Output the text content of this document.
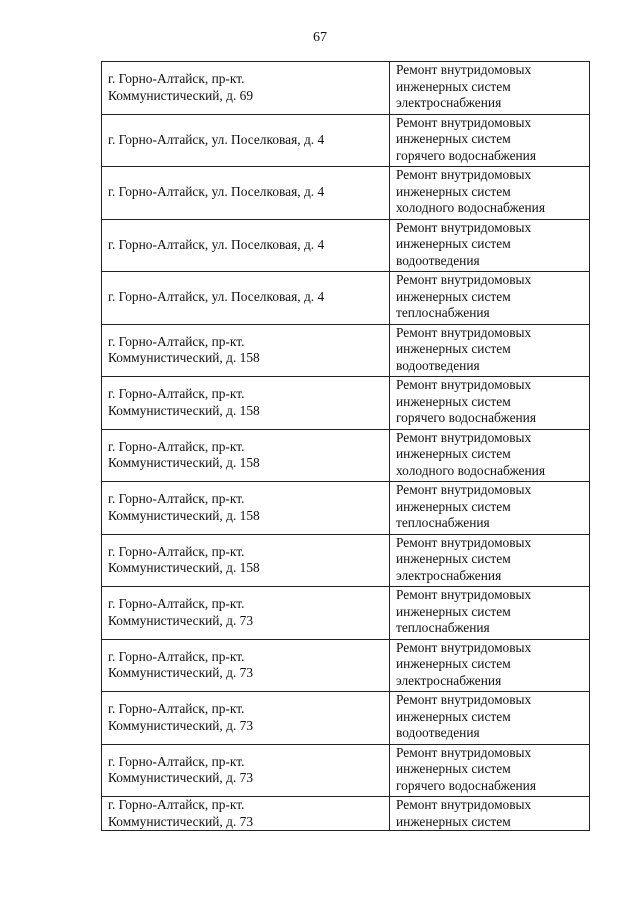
67
г. Горно-Алтайск, пр-кт.
Коммунистический, д. 69	Ремонт внутридомовых
инженерных систем
электроснабжения

г. Горно-Алтайск, ул. Поселковая, д. 4	Ремонт внутридомовых
инженерных систем
горячего водоснабжения

г. Горно-Алтайск, ул. Поселковая, д. 4	Ремонт внутридомовых
инженерных систем
холодного водоснабжения

г. Горно-Алтайск, ул. Поселковая, д. 4	Ремонт внутридомовых
инженерных систем
водоотведения

г. Горно-Алтайск, ул. Поселковая, д. 4	Ремонт внутридомовых
инженерных систем
теплоснабжения

г. Горно-Алтайск, пр-кт.
Коммунистический, д. 158	Ремонт внутридомовых
инженерных систем
водоотведения

г. Горно-Алтайск, пр-кт.
Коммунистический, д. 158	Ремонт внутридомовых
инженерных систем
горячего водоснабжения

г. Горно-Алтайск, пр-кт.
Коммунистический, д. 158	Ремонт внутридомовых
инженерных систем
холодного водоснабжения

г. Горно-Алтайск, пр-кт.
Коммунистический, д. 158	Ремонт внутридомовых
инженерных систем
теплоснабжения

г. Горно-Алтайск, пр-кт.
Коммунистический, д. 158	Ремонт внутридомовых
инженерных систем
электроснабжения

г. Горно-Алтайск, пр-кт.
Коммунистический, д. 73	Ремонт внутридомовых
инженерных систем
теплоснабжения

г. Горно-Алтайск, пр-кт.
Коммунистический, д. 73	Ремонт внутридомовых
инженерных систем
электроснабжения

г. Горно-Алтайск, пр-кт.
Коммунистический, д. 73	Ремонт внутридомовых
инженерных систем
водоотведения

г. Горно-Алтайск, пр-кт.
Коммунистический, д. 73	Ремонт внутридомовых
инженерных систем
горячего водоснабжения

г. Горно-Алтайск, пр-кт.
Коммунистический, д. 73	Ремонт внутридомовых
инженерных систем
